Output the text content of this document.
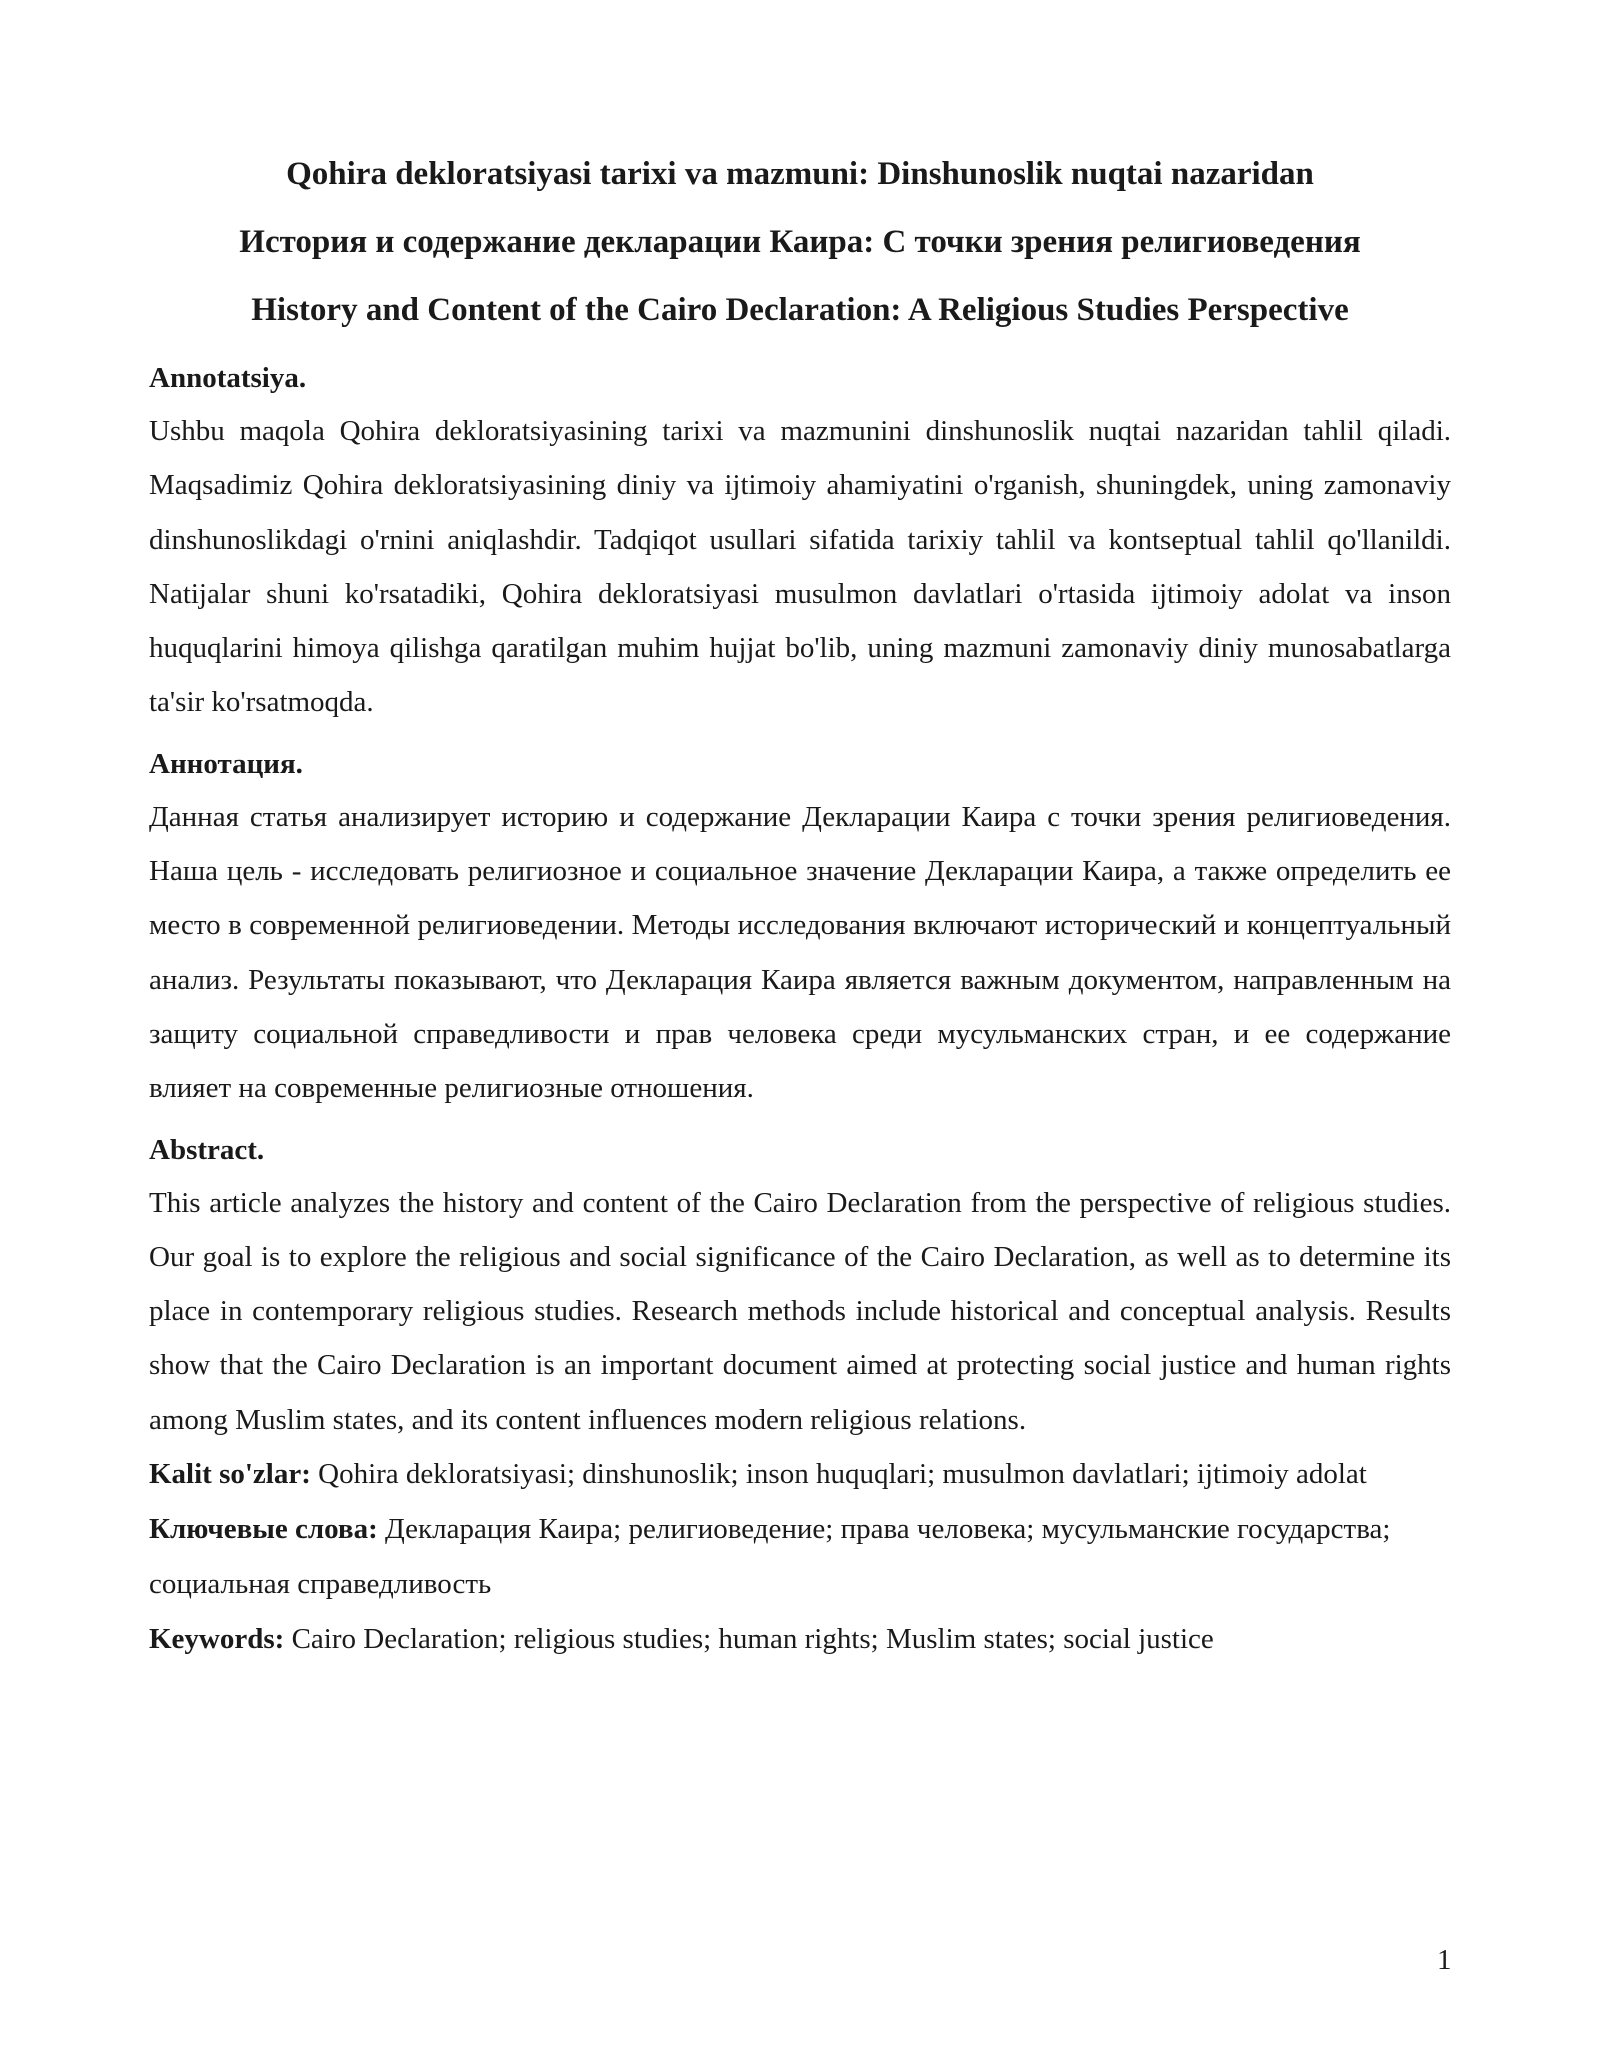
Qohira dekloratsiyasi tarixi va mazmuni: Dinshunoslik nuqtai nazaridan
История и содержание декларации Каира: С точки зрения религиоведения
History and Content of the Cairo Declaration: A Religious Studies Perspective
Annotatsiya.

Ushbu maqola Qohira dekloratsiyasining tarixi va mazmunini dinshunoslik nuqtai nazaridan tahlil qiladi. Maqsadimiz Qohira dekloratsiyasining diniy va ijtimoiy ahamiyatini o'rganish, shuningdek, uning zamonaviy dinshunoslikdagi o'rnini aniqlashdir. Tadqiqot usullari sifatida tarixiy tahlil va kontseptual tahlil qo'llanildi. Natijalar shuni ko'rsatadiki, Qohira dekloratsiyasi musulmon davlatlari o'rtasida ijtimoiy adolat va inson huquqlarini himoya qilishga qaratilgan muhim hujjat bo'lib, uning mazmuni zamonaviy diniy munosabatlarga ta'sir ko'rsatmoqda.

Аннотация.

Данная статья анализирует историю и содержание Декларации Каира с точки зрения религиоведения. Наша цель - исследовать религиозное и социальное значение Декларации Каира, а также определить ее место в современной религиоведении. Методы исследования включают исторический и концептуальный анализ. Результаты показывают, что Декларация Каира является важным документом, направленным на защиту социальной справедливости и прав человека среди мусульманских стран, и ее содержание влияет на современные религиозные отношения.

Abstract.

This article analyzes the history and content of the Cairo Declaration from the perspective of religious studies. Our goal is to explore the religious and social significance of the Cairo Declaration, as well as to determine its place in contemporary religious studies. Research methods include historical and conceptual analysis. Results show that the Cairo Declaration is an important document aimed at protecting social justice and human rights among Muslim states, and its content influences modern religious relations.

Kalit so'zlar: Qohira dekloratsiyasi; dinshunoslik; inson huquqlari; musulmon davlatlari; ijtimoiy adolat

Ключевые слова: Декларация Каира; религиоведение; права человека; мусульманские государства; социальная справедливость

Keywords: Cairo Declaration; religious studies; human rights; Muslim states; social justice

1
